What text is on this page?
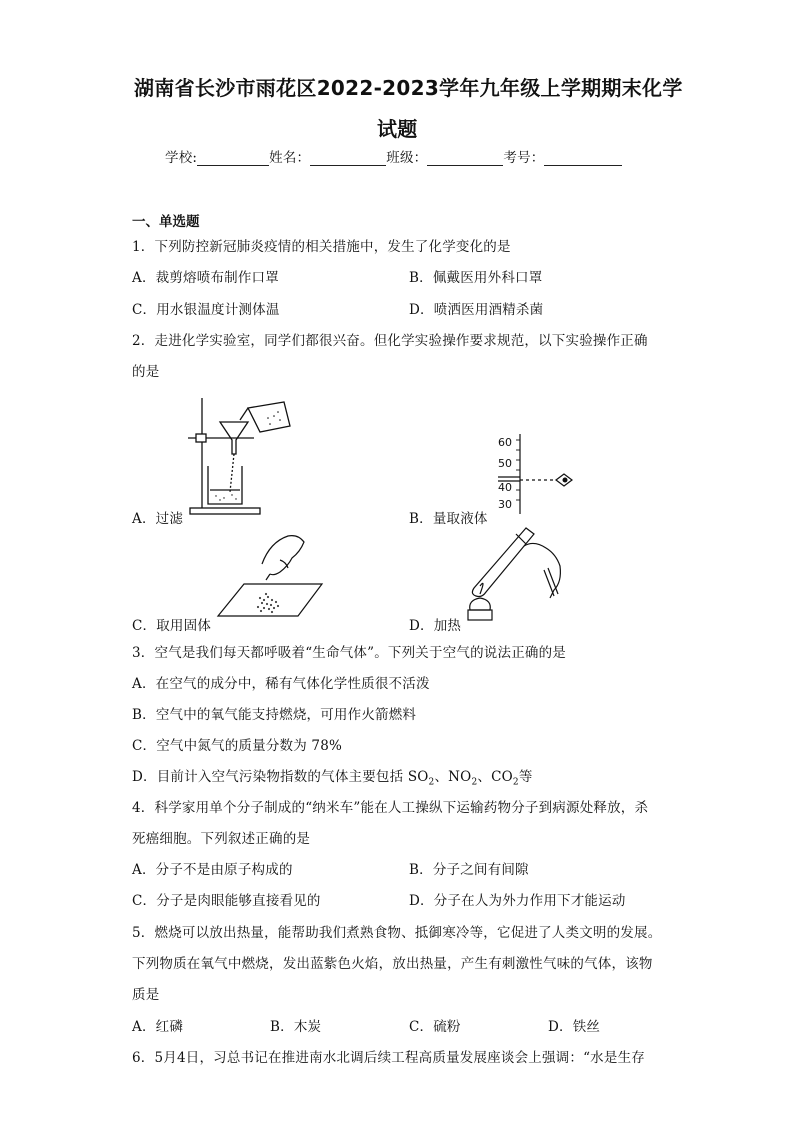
湖南省长沙市雨花区2022-2023学年九年级上学期期末化学
试题
学校:	姓名：	班级：	考号：
一、单选题
1．下列防控新冠肺炎疫情的相关措施中，发生了化学变化的是
A．裁剪熔喷布制作口罩	B．佩戴医用外科口罩
C．用水银温度计测体温	D．喷洒医用酒精杀菌
2．走进化学实验室，同学们都很兴奋。但化学实验操作要求规范，以下实验操作正确
的是
A．过滤
60
50
40
30
B．量取液体
C．取用固体	D．加热
3．空气是我们每天都呼吸着“生命气体”。下列关于空气的说法正确的是
A．在空气的成分中，稀有气体化学性质很不活泼
B．空气中的氧气能支持燃烧，可用作火箭燃料
C．空气中氮气的质量分数为 78%
D．目前计入空气污染物指数的气体主要包括 $SO_2$、$NO_2$、$CO_2$等
4．科学家用单个分子制成的“纳米车”能在人工操纵下运输药物分子到病源处释放，杀
死癌细胞。下列叙述正确的是
A．分子不是由原子构成的	B．分子之间有间隙
C．分子是肉眼能够直接看见的	D．分子在人为外力作用下才能运动
5．燃烧可以放出热量，能帮助我们煮熟食物、抵御寒冷等，它促进了人类文明的发展。
下列物质在氧气中燃烧，发出蓝紫色火焰，放出热量，产生有刺激性气味的气体，该物
质是
A．红磷	B．木炭	C．硫粉	D．铁丝
6．5月4日，习总书记在推进南水北调后续工程高质量发展座谈会上强调：“水是生存
